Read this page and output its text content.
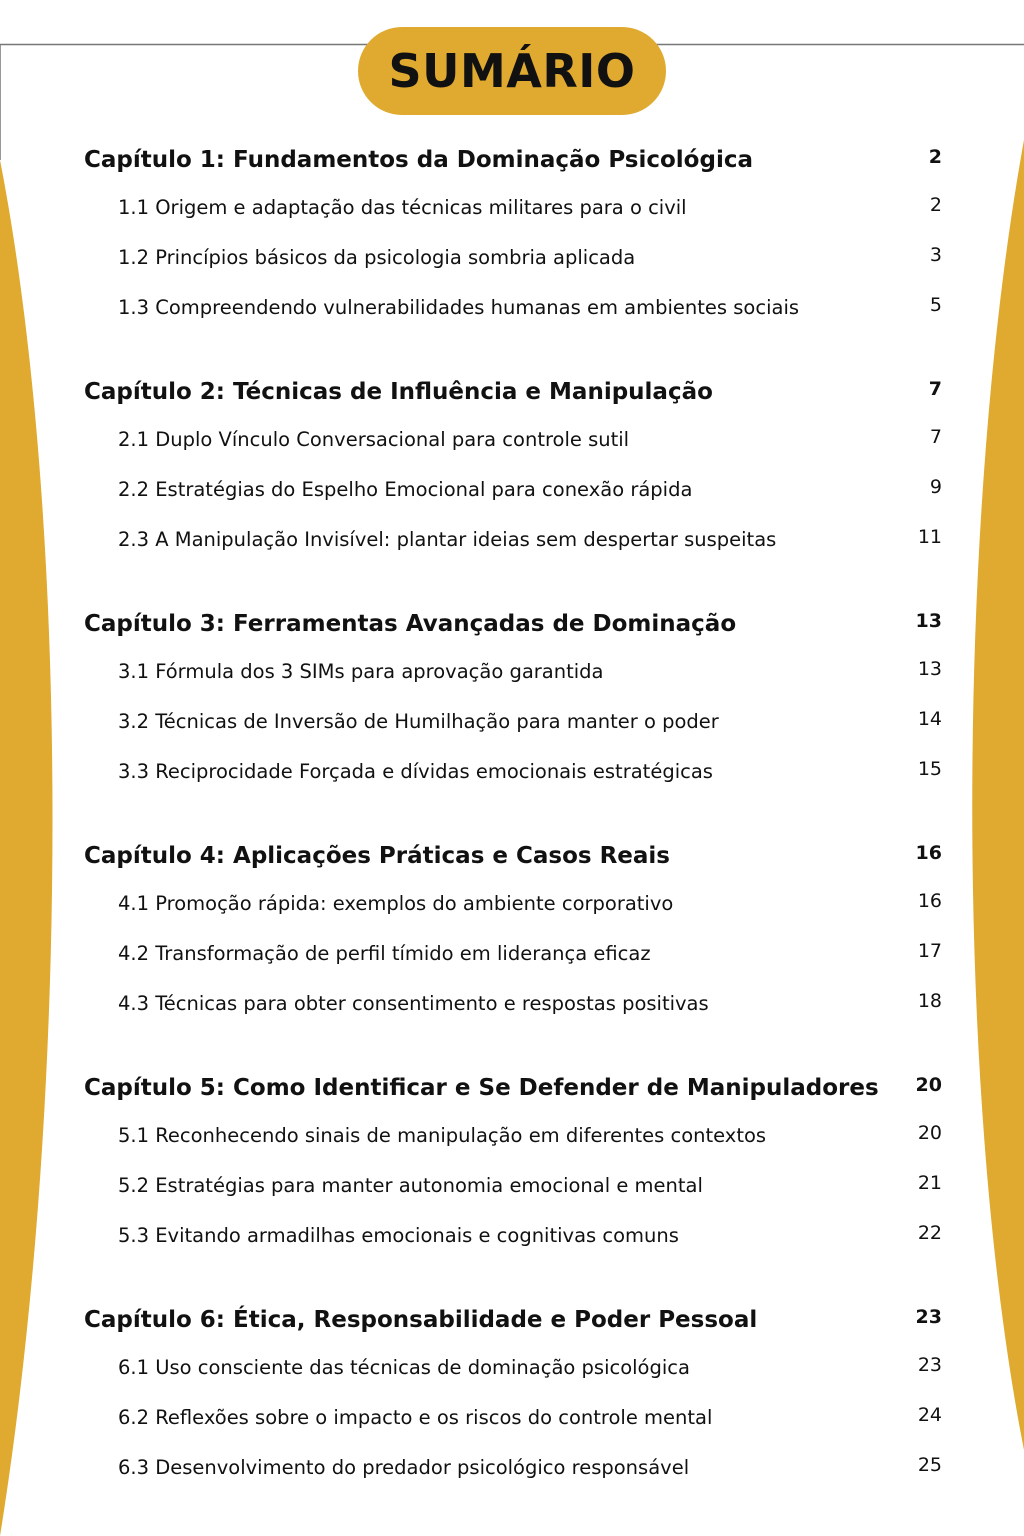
SUMÁRIO
Capítulo 1: Fundamentos da Dominação Psicológica	2
1.1 Origem e adaptação das técnicas militares para o civil	2
1.2 Princípios básicos da psicologia sombria aplicada	3
1.3 Compreendendo vulnerabilidades humanas em ambientes sociais	5
Capítulo 2: Técnicas de Influência e Manipulação	7
2.1 Duplo Vínculo Conversacional para controle sutil	7
2.2 Estratégias do Espelho Emocional para conexão rápida	9
2.3 A Manipulação Invisível: plantar ideias sem despertar suspeitas	11
Capítulo 3: Ferramentas Avançadas de Dominação	13
3.1 Fórmula dos 3 SIMs para aprovação garantida	13
3.2 Técnicas de Inversão de Humilhação para manter o poder	14
3.3 Reciprocidade Forçada e dívidas emocionais estratégicas	15
Capítulo 4: Aplicações Práticas e Casos Reais	16
4.1 Promoção rápida: exemplos do ambiente corporativo	16
4.2 Transformação de perfil tímido em liderança eficaz	17
4.3 Técnicas para obter consentimento e respostas positivas	18
Capítulo 5: Como Identificar e Se Defender de Manipuladores 20
5.1 Reconhecendo sinais de manipulação em diferentes contextos	20
5.2 Estratégias para manter autonomia emocional e mental	21
5.3 Evitando armadilhas emocionais e cognitivas comuns	22
Capítulo 6: Ética, Responsabilidade e Poder Pessoal	23
6.1 Uso consciente das técnicas de dominação psicológica	23
6.2 Reflexões sobre o impacto e os riscos do controle mental	24
6.3 Desenvolvimento do predador psicológico responsável	25
